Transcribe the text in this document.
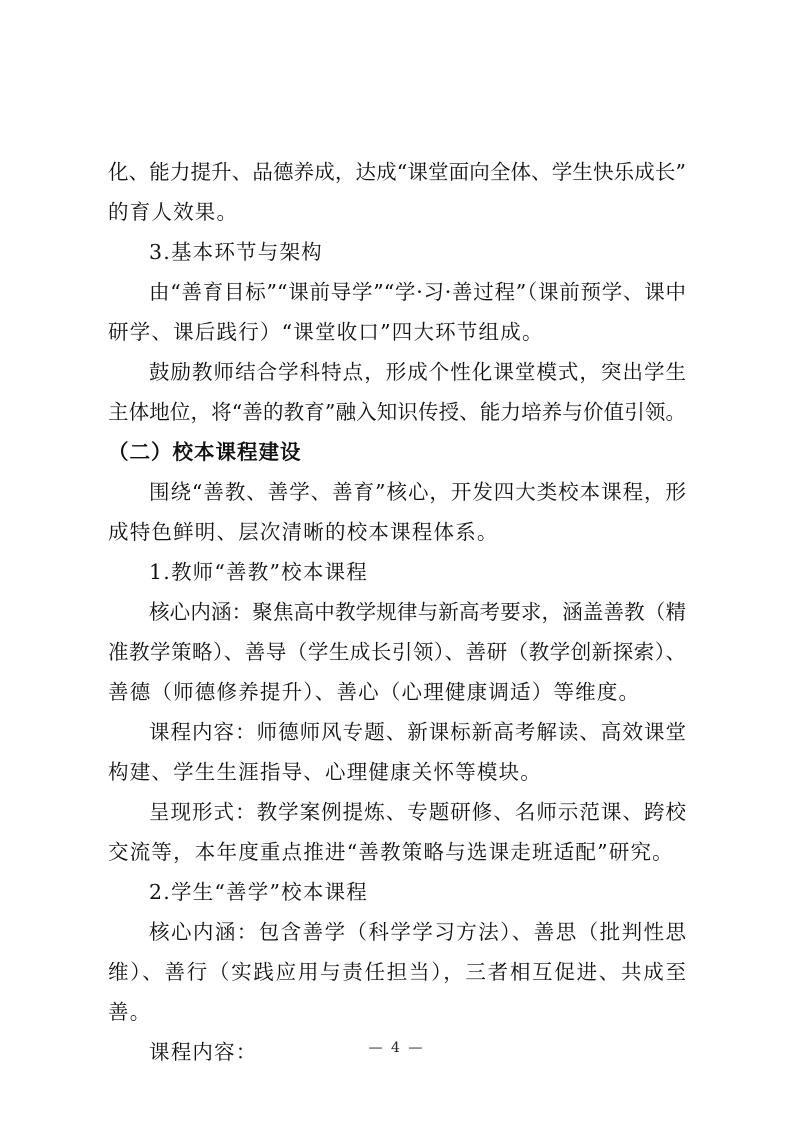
化、能力提升、品德养成，达成“课堂面向全体、学生快乐成长”
的育人效果。
3.基本环节与架构
由“善育目标”“课前导学”“学·习·善过程”（课前预学、课中
研学、课后践行）“课堂收口”四大环节组成。
鼓励教师结合学科特点，形成个性化课堂模式，突出学生
主体地位，将“善的教育”融入知识传授、能力培养与价值引领。
（二）校本课程建设
围绕“善教、善学、善育”核心，开发四大类校本课程，形
成特色鲜明、层次清晰的校本课程体系。
1.教师“善教”校本课程
核心内涵：聚焦高中教学规律与新高考要求，涵盖善教（精
准教学策略）、善导（学生成长引领）、善研（教学创新探索）、
善德（师德修养提升）、善心（心理健康调适）等维度。
课程内容：师德师风专题、新课标新高考解读、高效课堂
构建、学生生涯指导、心理健康关怀等模块。
呈现形式：教学案例提炼、专题研修、名师示范课、跨校
交流等，本年度重点推进“善教策略与选课走班适配”研究。
2.学生“善学”校本课程
核心内涵：包含善学（科学学习方法）、善思（批判性思
维）、善行（实践应用与责任担当），三者相互促进、共成至
善。
课程内容：	— 4 —
